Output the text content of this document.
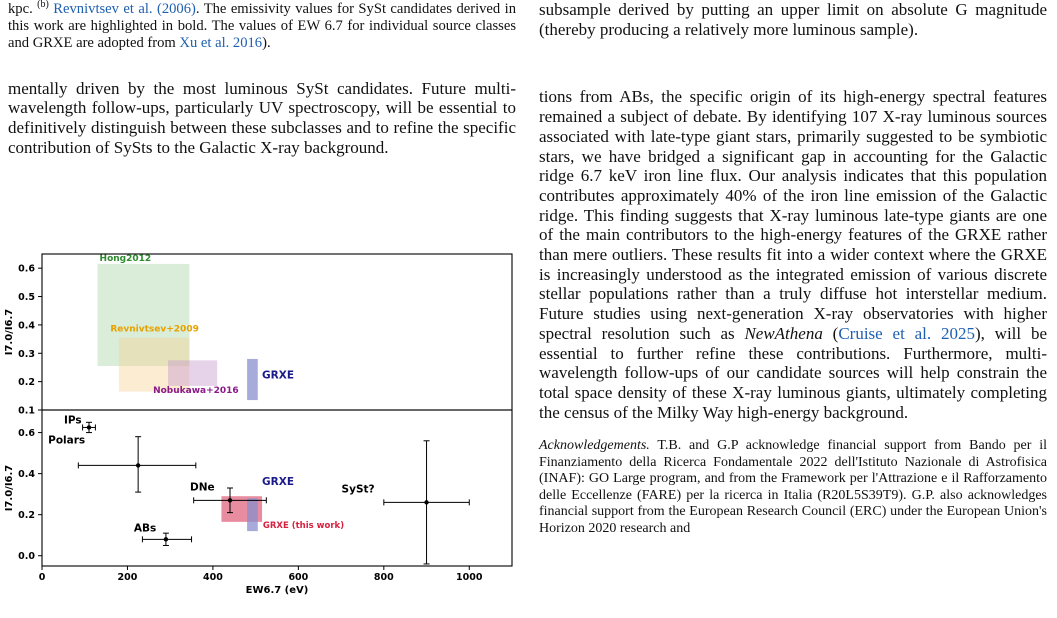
kpc. $^{(b)}$ Revnivtsev et al. (2006). The emissivity values for SySt candidates derived in this work are highlighted in bold. The values of EW 6.7 for individual source classes and GRXE are adopted from Xu et al. 2016).

mentally driven by the most luminous SySt candidates. Future multi-wavelength follow-ups, particularly UV spectroscopy, will be essential to definitively distinguish between these subclasses and to refine the specific contribution of SySts to the Galactic X-ray background.

Hong2012
Revnivtsev+2009
Nobukawa+2016
GRXE
GRXE (this work)
GRXE
IPs
Polars
ABs
DNe	SySt?
0.1
0.2
0.3
0.4
0.5
0.6
0.0
0.2
0.4
0.6
0	200	400	600	800	1000
EW6.7 (eV)
I7.0/I6.7
I7.0/I6.7

subsample derived by putting an upper limit on absolute G magnitude (thereby producing a relatively more luminous sample).

tions from ABs, the specific origin of its high-energy spectral features remained a subject of debate. By identifying 107 X-ray luminous sources associated with late-type giant stars, primarily suggested to be symbiotic stars, we have bridged a significant gap in accounting for the Galactic ridge 6.7 keV iron line flux. Our analysis indicates that this population contributes approximately 40% of the iron line emission of the Galactic ridge. This finding suggests that X-ray luminous late-type giants are one of the main contributors to the high-energy features of the GRXE rather than mere outliers. These results fit into a wider context where the GRXE is increasingly understood as the integrated emission of various discrete stellar populations rather than a truly diffuse hot interstellar medium. Future studies using next-generation X-ray observatories with higher spectral resolution such as NewAthena (Cruise et al. 2025), will be essential to further refine these contributions. Furthermore, multi-wavelength follow-ups of our candidate sources will help constrain the total space density of these X-ray luminous giants, ultimately completing the census of the Milky Way high-energy background.

Acknowledgements. T.B. and G.P acknowledge financial support from Bando per il Finanziamento della Ricerca Fondamentale 2022 dell'Istituto Nazionale di Astrofisica (INAF): GO Large program, and from the Framework per l'Attrazione e il Rafforzamento delle Eccellenze (FARE) per la ricerca in Italia (R20L5S39T9). G.P. also acknowledges financial support from the European Research Council (ERC) under the European Union's Horizon 2020 research and
